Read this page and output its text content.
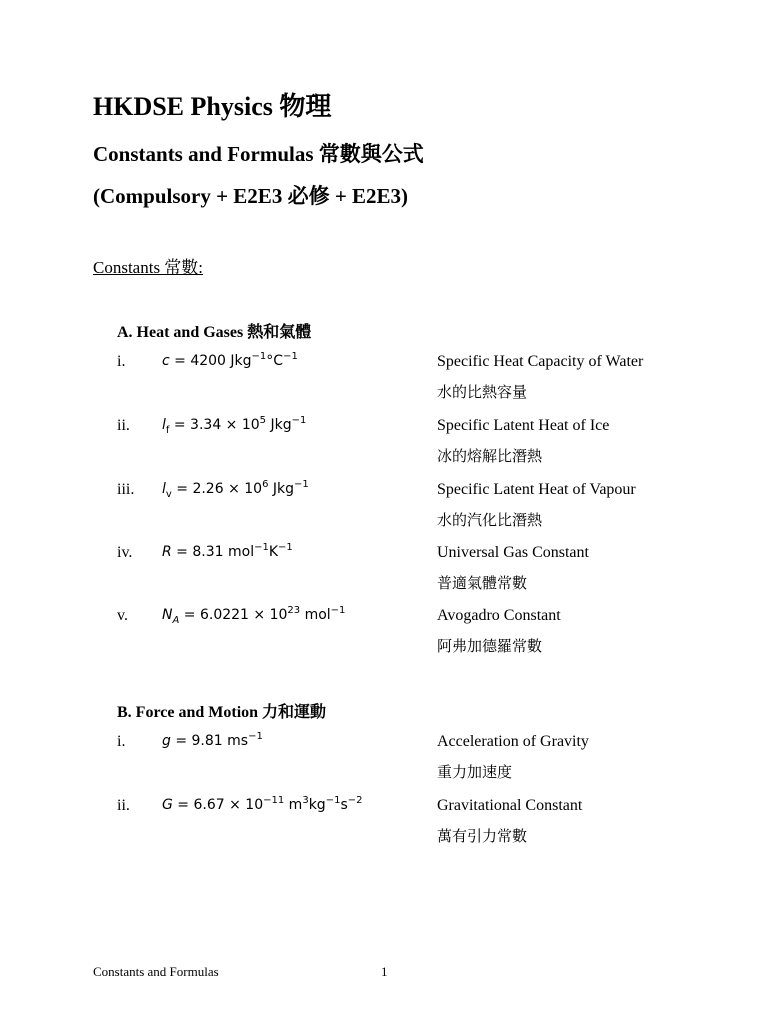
HKDSE Physics 物理
Constants and Formulas 常數與公式
(Compulsory + E2E3 必修 + E2E3)
Constants 常數:
A. Heat and Gases 熱和氣體
i.	c = 4200 $Jkg^{-1}^\circ C^{-1}$	Specific Heat Capacity of Water
水的比熱容量
ii. $l_f = 3.34 \times 10^5$ Jkg$^{-1}$	Specific Latent Heat of Ice
冰的熔解比潛熱
iii. $l_v = 2.26 \times 10^6$ Jkg$^{-1}$	Specific Latent Heat of Vapour
水的汽化比潛熱
iv. R = 8.31 $mol^{-1}K^{-1}$	Universal Gas Constant
普適氣體常數
v. $N_A = 6.0221 \times 10^{23}$ mol$^{-1}$	Avogadro Constant
阿弗加德羅常數
B. Force and Motion 力和運動
i.	g = 9.81 $ms^{-1}$	Acceleration of Gravity
重力加速度
ii. $G = 6.67 \times 10^{-11}$ $m^3kg^{-1}s^{-2}$	Gravitational Constant
萬有引力常數
Constants and Formulas	1
